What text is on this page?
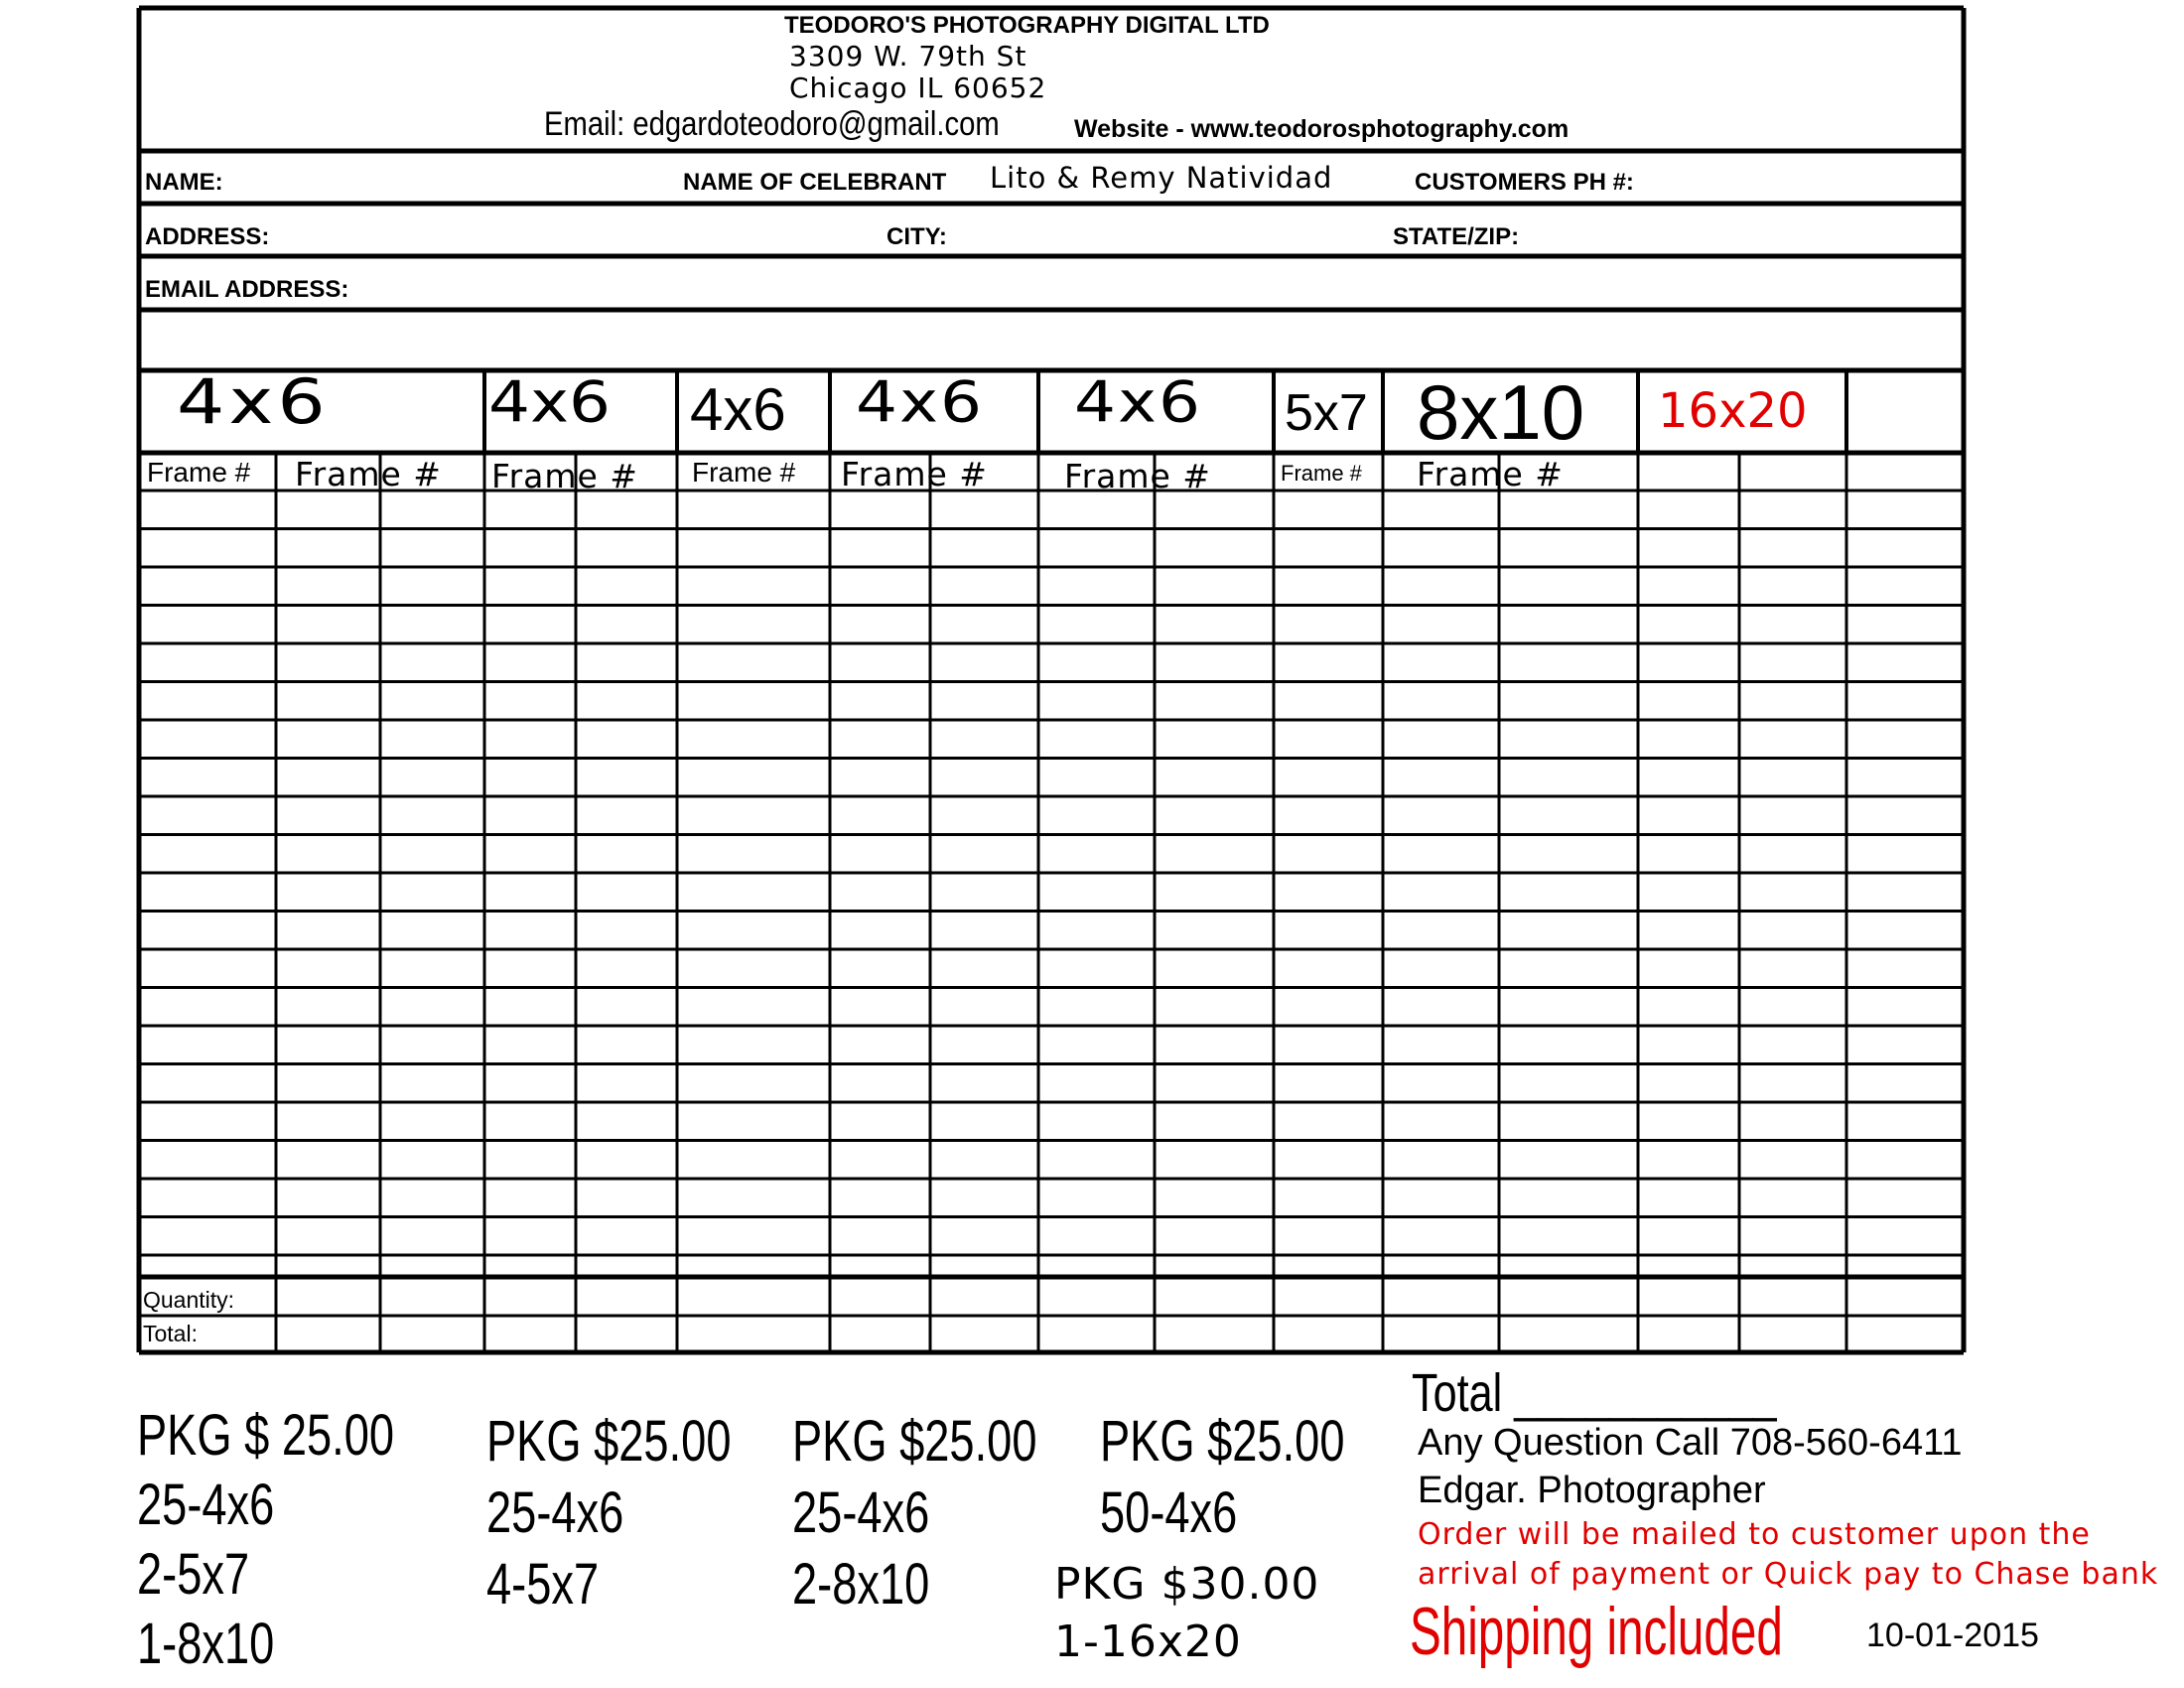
TEODORO'S PHOTOGRAPHY DIGITAL LTD
3309 W. 79th St
Chicago IL 60652
Email: edgardoteodoro@gmail.com	Website - www.teodorosphotography.com
NAME:	NAME OF CELEBRANT Lito & Remy Natividad	CUSTOMERS PH #:
ADDRESS:	CITY:	STATE/ZIP:
EMAIL ADDRESS:
4x6 4x6 4x6 4x6 4x6 5x7 8x10 16x20
Frame # Frame # Frame # Frame # Frame # Frame #	Frame # Frame #
Quantity:
Total:
PKG $ 25.00
25-4x6
2-5x7
1-8x10
PKG $25.00
25-4x6
4-5x7
PKG $25.00
25-4x6
2-8x10
PKG $25.00
50-4x6
PKG $30.00
1-16x20
Total ___________
Any Question Call 708-560-6411
Edgar. Photographer
Order will be mailed to customer upon the
arrival of payment or Quick pay to Chase bank
Shipping included 10-01-2015
